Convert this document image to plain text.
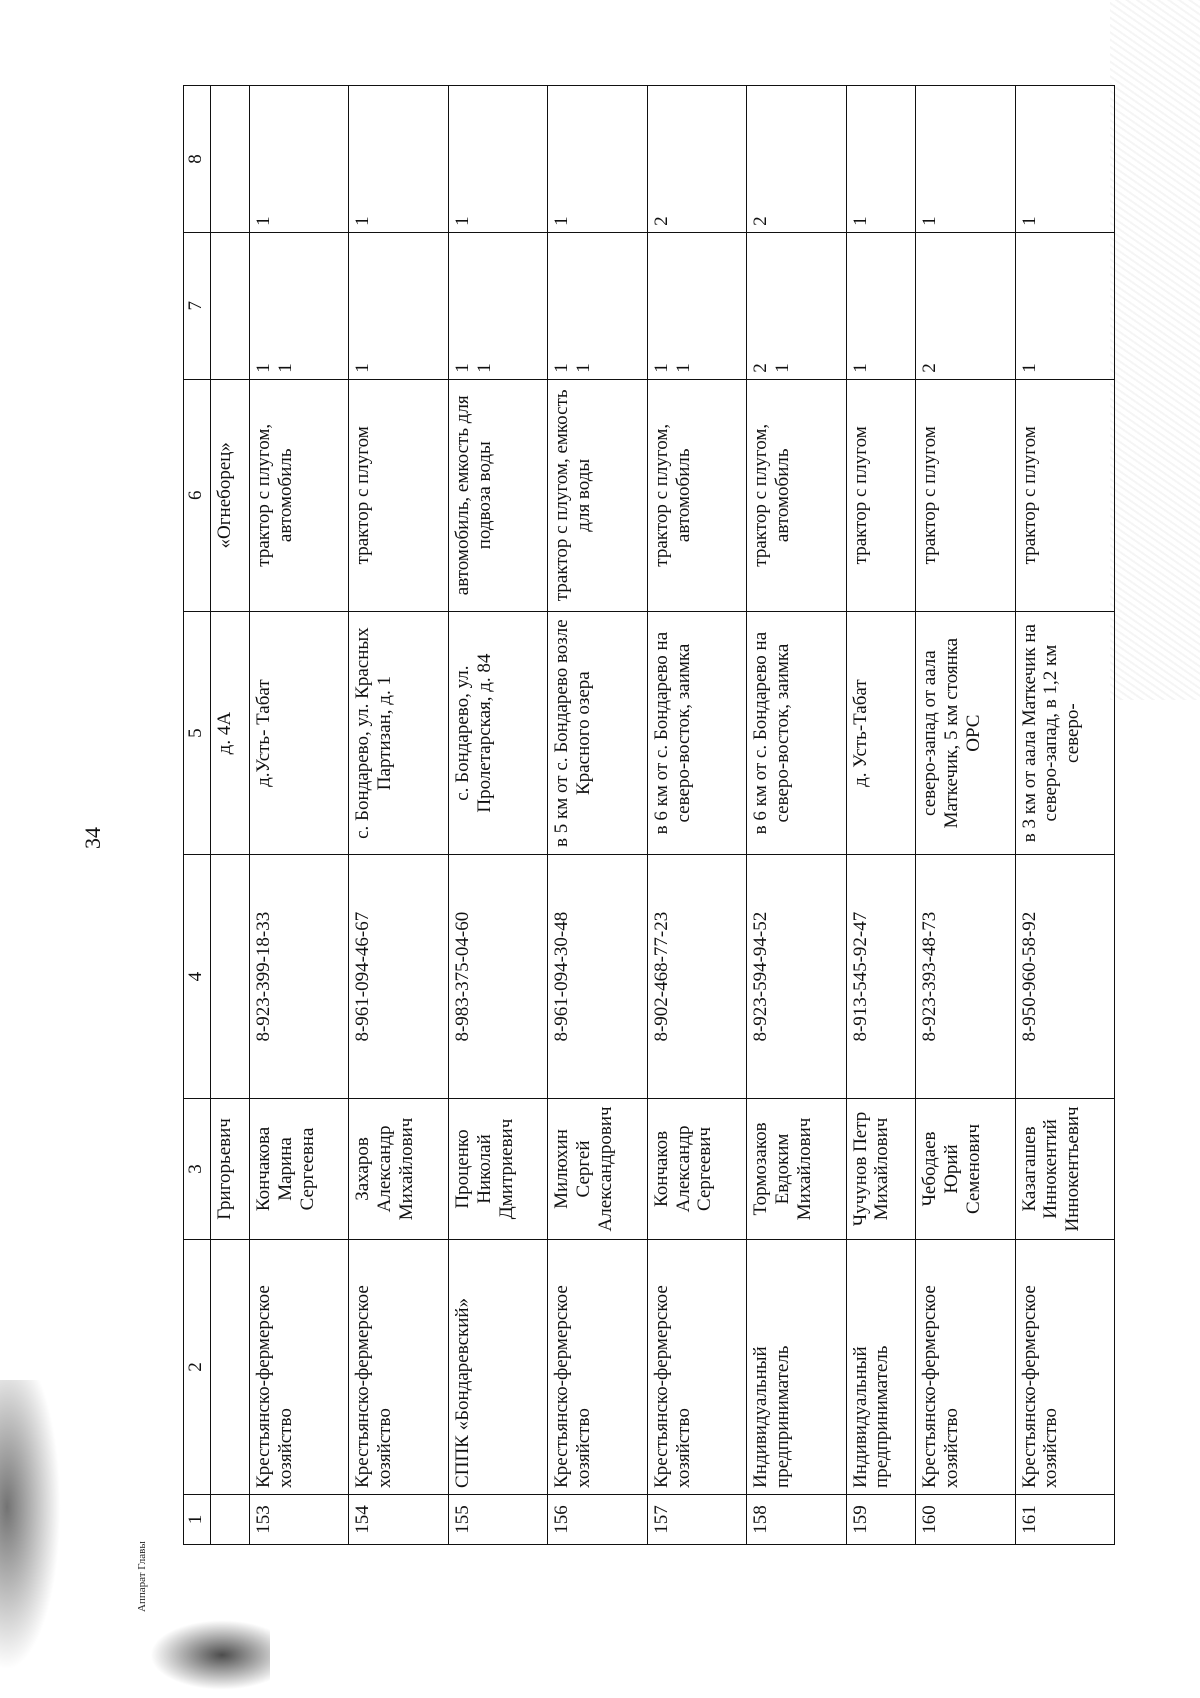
Аппарат Главы
34
1	2	3	4	5	6	7	8
		Григорьевич		д. 4А	«Огнеборец»		
153	Крестьянско-фермерское хозяйство	Кончакова Марина Сергеевна	8-923-399-18-33	д.Усть- Табат	трактор с плугом, автомобиль	1 1	1
154	Крестьянско-фермерское хозяйство	Захаров Александр Михайлович	8-961-094-46-67	с. Бондарево, ул. Красных Партизан, д. 1	трактор с плугом	1	1
155	СППК «Бондаревский»	Проценко Николай Дмитриевич	8-983-375-04-60	с. Бондарево, ул. Пролетарская, д. 84	автомобиль, емкость для подвоза воды	1 1	1
156	Крестьянско-фермерское хозяйство	Милюхин Сергей Александрович	8-961-094-30-48	в 5 км от с. Бондарево возле Красного озера	трактор с плугом, емкость для воды	1 1	1
157	Крестьянско-фермерское хозяйство	Кончаков Александр Сергеевич	8-902-468-77-23	в 6 км от с. Бондарево на северо-восток, заимка	трактор с плугом, автомобиль	1 1	2
158	Индивидуальный предприниматель	Тормозаков Евдоким Михайлович	8-923-594-94-52	в 6 км от с. Бондарево на северо-восток, заимка	трактор с плугом, автомобиль	2 1	2
159	Индивидуальный предприниматель	Чучунов Петр Михайлович	8-913-545-92-47	д. Усть-Табат	трактор с плугом	1	1
160	Крестьянско-фермерское хозяйство	Чебодаев Юрий Семенович	8-923-393-48-73	северо-запад от аала Маткечик, 5 км стоянка ОРС	трактор с плугом	2	1
161	Крестьянско-фермерское хозяйство	Казагашев Иннокентий Иннокентьевич	8-950-960-58-92	в 3 км от аала Маткечик на северо-запад, в 1,2 км северо-	трактор с плугом	1	1
